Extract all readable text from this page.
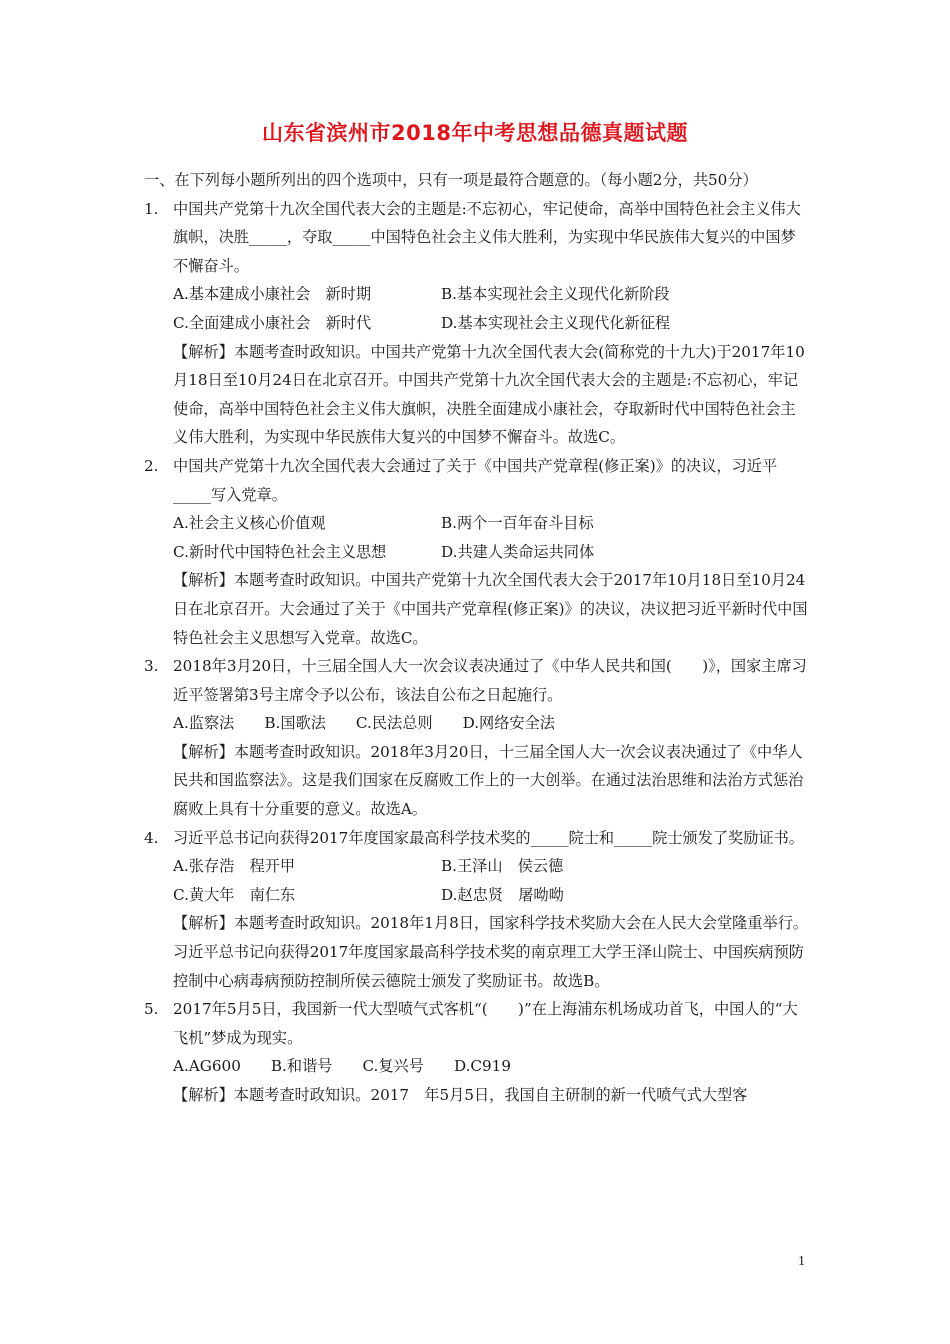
山东省滨州市2018年中考思想品德真题试题

一、在下列每小题所列出的四个选项中，只有一项是最符合题意的。（每小题2分，共50分）

1. 中国共产党第十九次全国代表大会的主题是:不忘初心，牢记使命，高举中国特色社会主义伟大旗帜，决胜_____，夺取_____中国特色社会主义伟大胜利，为实现中华民族伟大复兴的中国梦不懈奋斗。

A.基本建成小康社会　新时期	B.基本实现社会主义现代化新阶段
C.全面建成小康社会　新时代	D.基本实现社会主义现代化新征程

【解析】本题考查时政知识。中国共产党第十九次全国代表大会(简称党的十九大)于2017年10月18日至10月24日在北京召开。中国共产党第十九次全国代表大会的主题是:不忘初心，牢记使命，高举中国特色社会主义伟大旗帜，决胜全面建成小康社会，夺取新时代中国特色社会主义伟大胜利，为实现中华民族伟大复兴的中国梦不懈奋斗。故选C。

2. 中国共产党第十九次全国代表大会通过了关于《中国共产党章程(修正案)》的决议，习近平_____写入党章。

A.社会主义核心价值观	B.两个一百年奋斗目标
C.新时代中国特色社会主义思想	D.共建人类命运共同体

【解析】本题考查时政知识。中国共产党第十九次全国代表大会于2017年10月18日至10月24日在北京召开。大会通过了关于《中国共产党章程(修正案)》的决议，决议把习近平新时代中国特色社会主义思想写入党章。故选C。

3. 2018年3月20日，十三届全国人大一次会议表决通过了《中华人民共和国(　　)》，国家主席习近平签署第3号主席令予以公布，该法自公布之日起施行。

A.监察法 B.国歌法 C.民法总则 D.网络安全法

【解析】本题考查时政知识。2018年3月20日，十三届全国人大一次会议表决通过了《中华人民共和国监察法》。这是我们国家在反腐败工作上的一大创举。在通过法治思维和法治方式惩治腐败上具有十分重要的意义。故选A。

4. 习近平总书记向获得2017年度国家最高科学技术奖的_____院士和_____院士颁发了奖励证书。

A.张存浩　程开甲	B.王泽山　侯云德
C.黄大年　南仁东	D.赵忠贤　屠呦呦

【解析】本题考查时政知识。2018年1月8日，国家科学技术奖励大会在人民大会堂隆重举行。习近平总书记向获得2017年度国家最高科学技术奖的南京理工大学王泽山院士、中国疾病预防控制中心病毒病预防控制所侯云德院士颁发了奖励证书。故选B。

5. 2017年5月5日，我国新一代大型喷气式客机“(　　)”在上海浦东机场成功首飞，中国人的“大飞机”梦成为现实。

A.AG600 B.和谐号 C.复兴号 D.C919

【解析】本题考查时政知识。2017　年5月5日，我国自主研制的新一代喷气式大型客

1
